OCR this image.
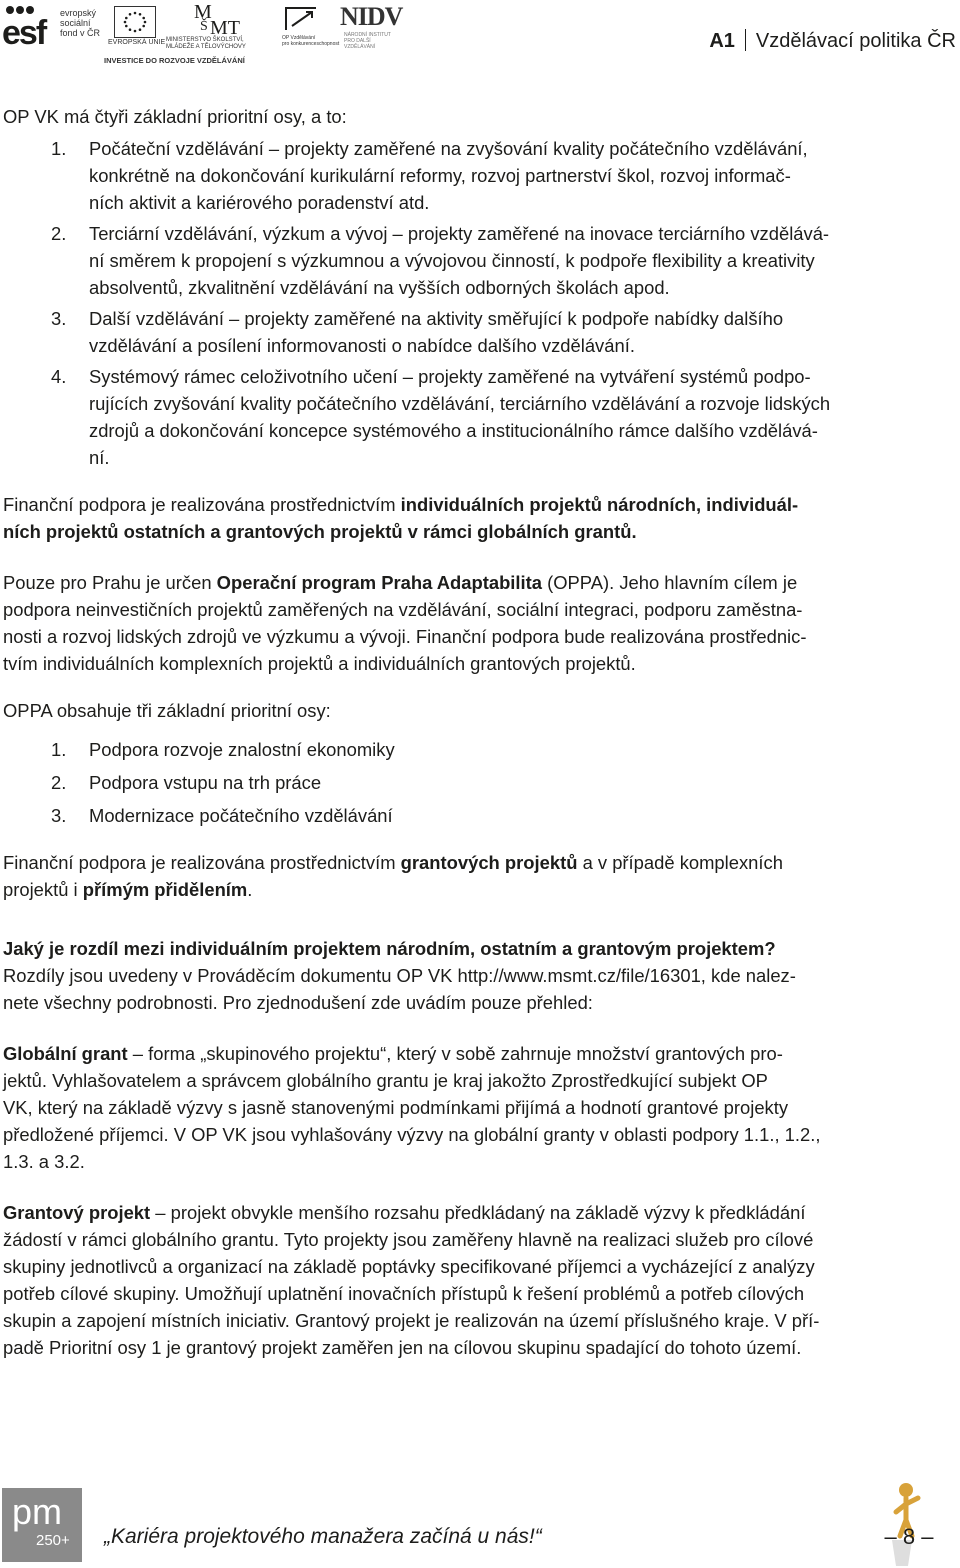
esf
evropský
sociální
fond v ČR
EVROPSKÁ UNIE
M
MT
Š
MINISTERSTVO ŠKOLSTVÍ,
MLÁDEŽE A TĚLOVÝCHOVY
OP Vzdělávání
pro konkurenceschopnost
NIDV
NÁRODNÍ INSTITUT
PRO DALŠÍ
VZDĚLÁVÁNÍ
INVESTICE DO ROZVOJE VZDĚLÁVÁNÍ
A1 Vzdělávací politika ČR

OP VK má čtyři základní prioritní osy, a to:

1. Počáteční vzdělávání – projekty zaměřené na zvyšování kvality počátečního vzdělávání,
konkrétně na dokončování kurikulární reformy, rozvoj partnerství škol, rozvoj informač-
ních aktivit a kariérového poradenství atd.
2. Terciární vzdělávání, výzkum a vývoj – projekty zaměřené na inovace terciárního vzdělává-
ní směrem k propojení s výzkumnou a vývojovou činností, k podpoře flexibility a kreativity
absolventů, zkvalitnění vzdělávání na vyšších odborných školách apod.
3. Další vzdělávání – projekty zaměřené na aktivity směřující k podpoře nabídky dalšího
vzdělávání a posílení informovanosti o nabídce dalšího vzdělávání.
4. Systémový rámec celoživotního učení – projekty zaměřené na vytváření systémů podpo-
rujících zvyšování kvality počátečního vzdělávání, terciárního vzdělávání a rozvoje lidských
zdrojů a dokončování koncepce systémového a institucionálního rámce dalšího vzdělává-
ní.
Finanční podpora je realizována prostřednictvím individuálních projektů národních, individuál-
ních projektů ostatních a grantových projektů v rámci globálních grantů.
Pouze pro Prahu je určen Operační program Praha Adaptabilita (OPPA). Jeho hlavním cílem je
podpora neinvestičních projektů zaměřených na vzdělávání, sociální integraci, podporu zaměstna-
nosti a rozvoj lidských zdrojů ve výzkumu a vývoji. Finanční podpora bude realizována prostřednic-
tvím individuálních komplexních projektů a individuálních grantových projektů.

OPPA obsahuje tři základní prioritní osy:

1. Podpora rozvoje znalostní ekonomiky
2. Podpora vstupu na trh práce
3. Modernizace počátečního vzdělávání
Finanční podpora je realizována prostřednictvím grantových projektů a v případě komplexních
projektů i přímým přidělením.
Jaký je rozdíl mezi individuálním projektem národním, ostatním a grantovým projektem?
Rozdíly jsou uvedeny v Prováděcím dokumentu OP VK http://www.msmt.cz/file/16301, kde nalez-
nete všechny podrobnosti. Pro zjednodušení zde uvádím pouze přehled:
Globální grant – forma „skupinového projektu“, který v sobě zahrnuje množství grantových pro-
jektů. Vyhlašovatelem a správcem globálního grantu je kraj jakožto Zprostředkující subjekt OP
VK, který na základě výzvy s jasně stanovenými podmínkami přijímá a hodnotí grantové projekty
předložené příjemci. V OP VK jsou vyhlašovány výzvy na globální granty v oblasti podpory 1.1., 1.2.,
1.3. a 3.2.
Grantový projekt – projekt obvykle menšího rozsahu předkládaný na základě výzvy k předkládání
žádostí v rámci globálního grantu. Tyto projekty jsou zaměřeny hlavně na realizaci služeb pro cílové
skupiny jednotlivců a organizací na základě poptávky specifikované příjemci a vycházející z analýzy
potřeb cílové skupiny. Umožňují uplatnění inovačních přístupů k řešení problémů a potřeb cílových
skupin a zapojení místních iniciativ. Grantový projekt je realizován na území příslušného kraje. V pří-
padě Prioritní osy 1 je grantový projekt zaměřen jen na cílovou skupinu spadající do tohoto území.
pm
250+ „Kariéra projektového manažera začíná u nás!“	– 8 –
